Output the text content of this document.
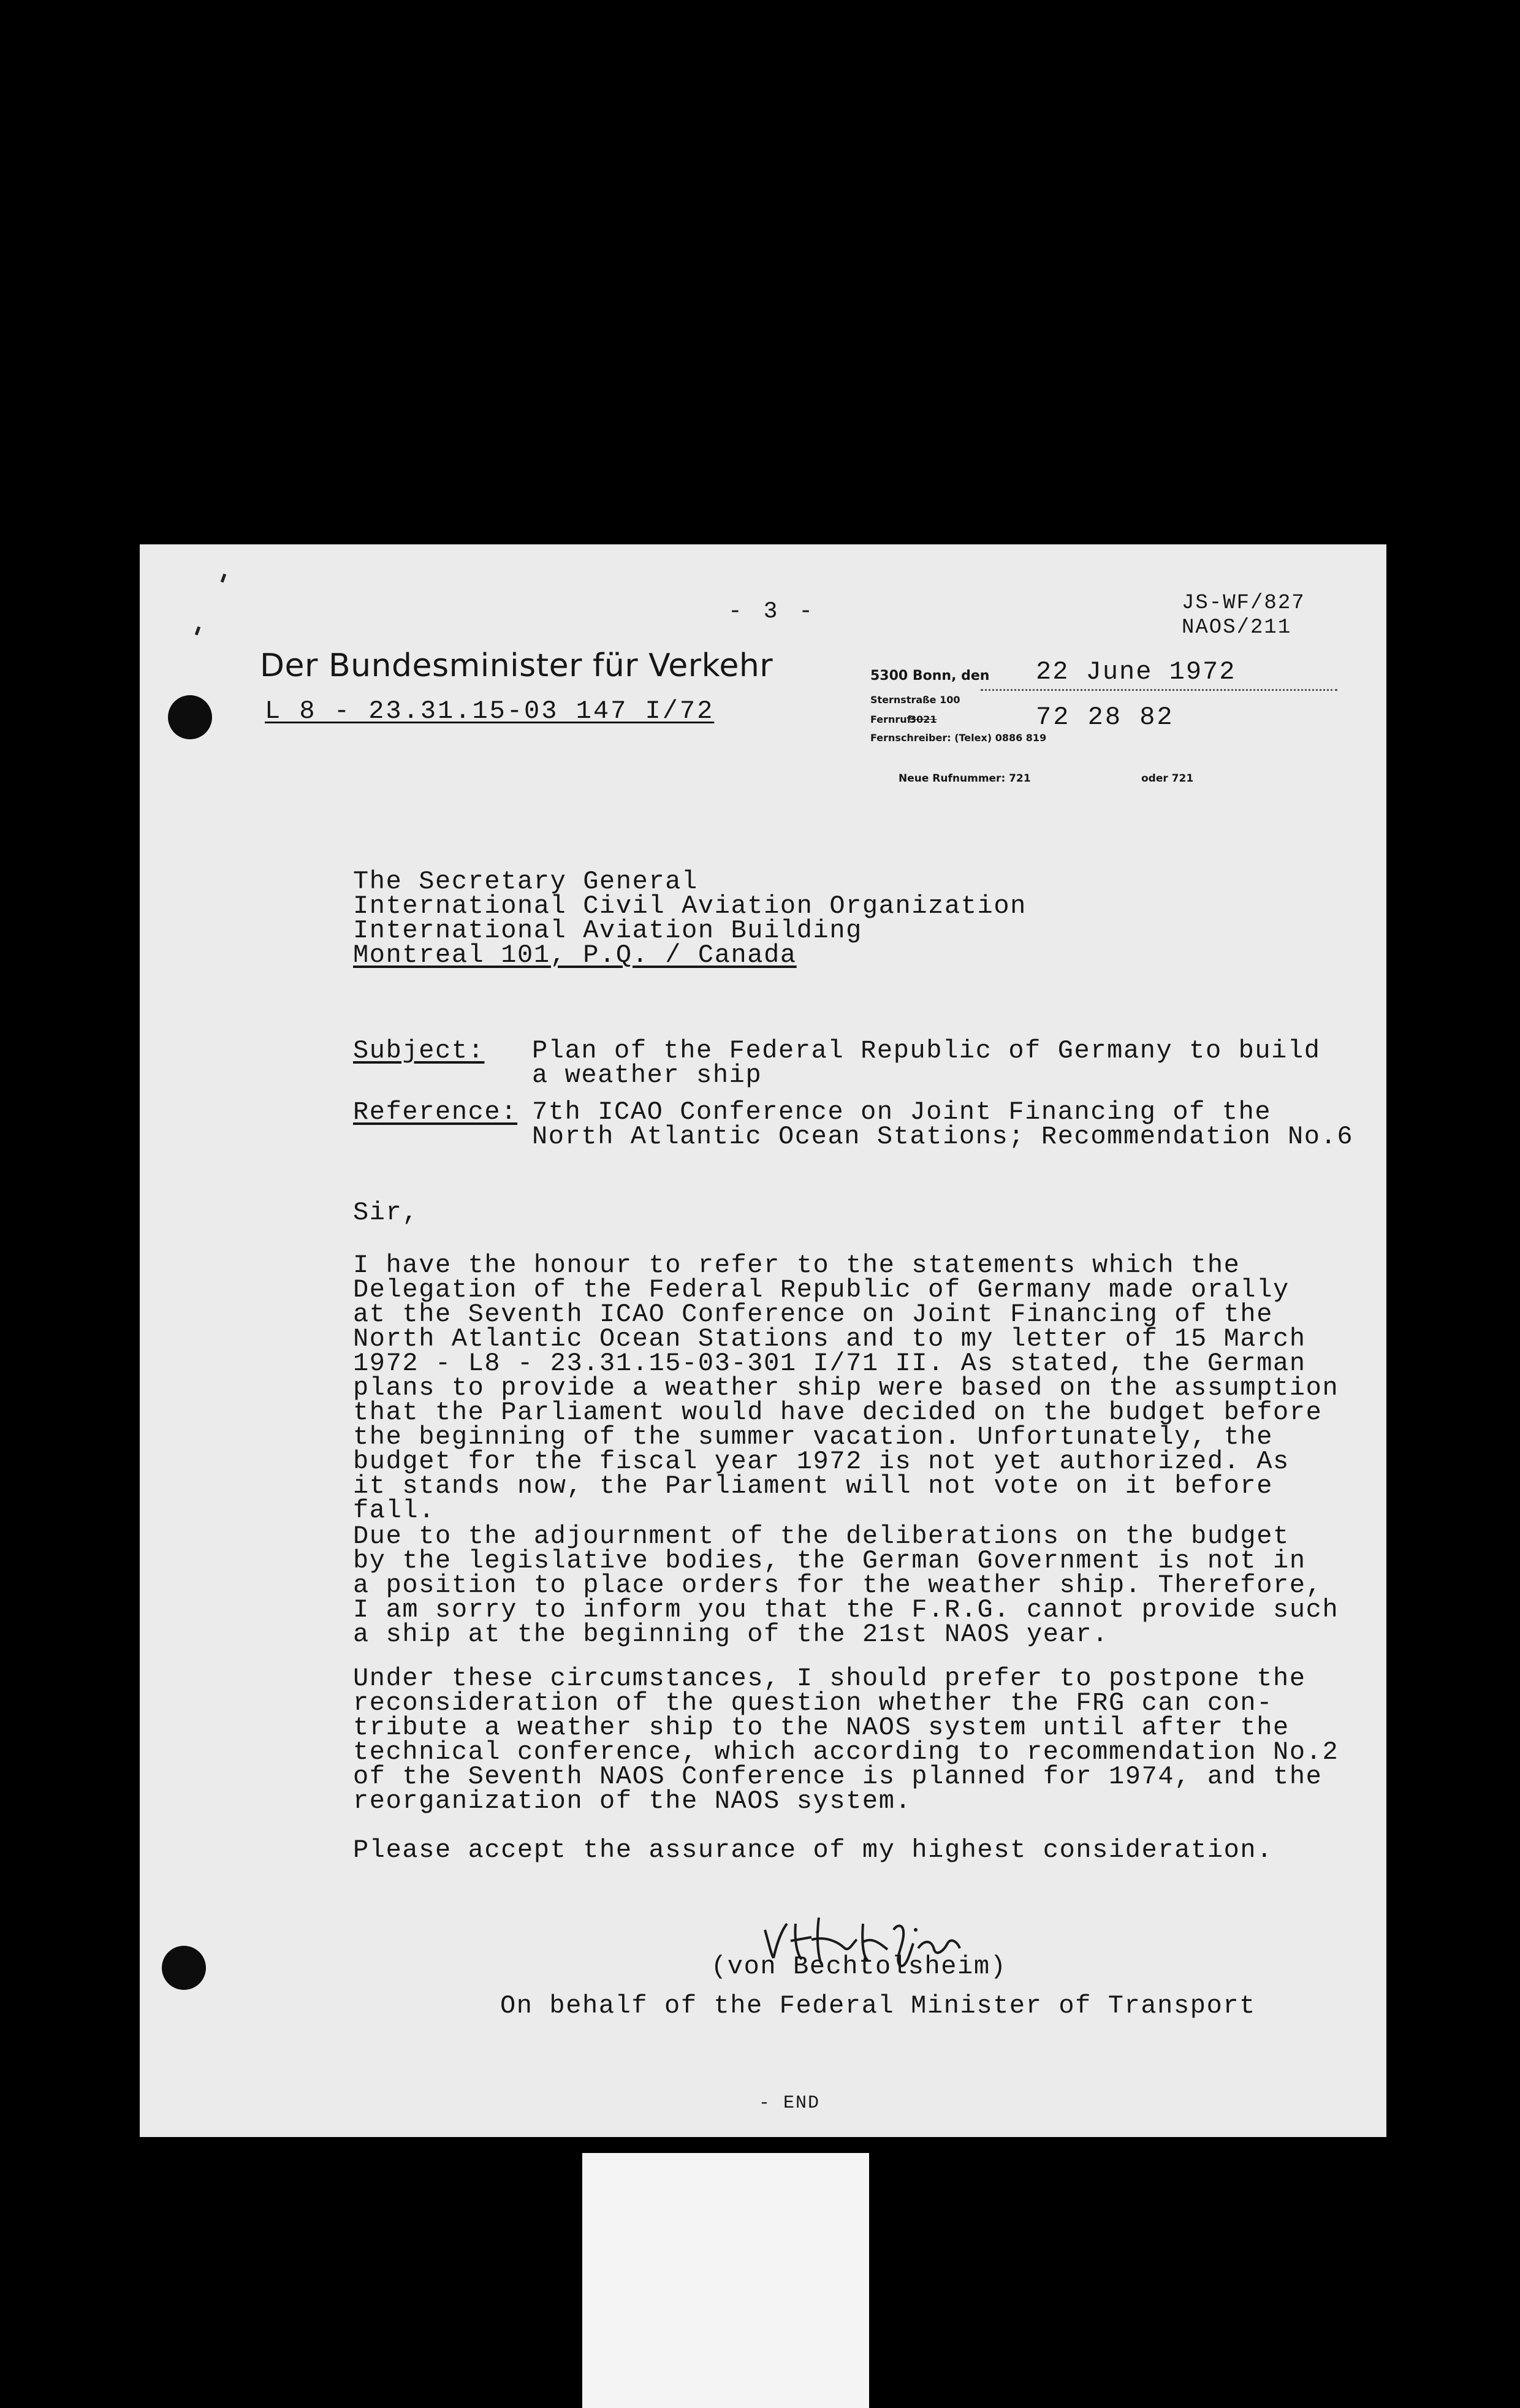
- 3 -	JS-WF/827
NAOS/211
Der Bundesminister für Verkehr
L 8 - 23.31.15-03 147 I/72
5300 Bonn, den 22 June 1972
Sternstraße 100
Fernruf:
3021	72 28 82
Fernschreiber: (Telex) 0886 819
Neue Rufnummer: 721	oder 721
The Secretary General
International Civil Aviation Organization
International Aviation Building
Montreal 101, P.Q. / Canada
Subject: Plan of the Federal Republic of Germany to build
a weather ship
Reference: 7th ICAO Conference on Joint Financing of the
North Atlantic Ocean Stations; Recommendation No.6
Sir,
I have the honour to refer to the statements which the
Delegation of the Federal Republic of Germany made orally
at the Seventh ICAO Conference on Joint Financing of the
North Atlantic Ocean Stations and to my letter of 15 March
1972 - L8 - 23.31.15-03-301 I/71 II. As stated, the German
plans to provide a weather ship were based on the assumption
that the Parliament would have decided on the budget before
the beginning of the summer vacation. Unfortunately, the
budget for the fiscal year 1972 is not yet authorized. As
it stands now, the Parliament will not vote on it before
fall.
Due to the adjournment of the deliberations on the budget
by the legislative bodies, the German Government is not in
a position to place orders for the weather ship. Therefore,
I am sorry to inform you that the F.R.G. cannot provide such
a ship at the beginning of the 21st NAOS year.
Under these circumstances, I should prefer to postpone the
reconsideration of the question whether the FRG can con-
tribute a weather ship to the NAOS system until after the
technical conference, which according to recommendation No.2
of the Seventh NAOS Conference is planned for 1974, and the
reorganization of the NAOS system.
Please accept the assurance of my highest consideration.
(von Bechtolsheim)
On behalf of the Federal Minister of Transport
- END
